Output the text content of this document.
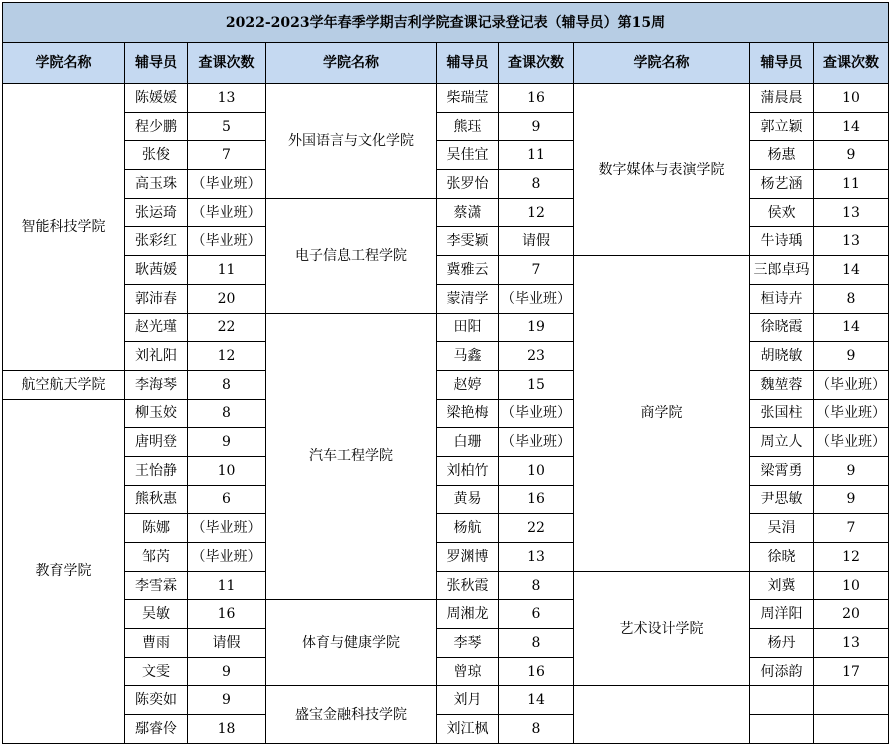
2022-2023学年春季学期吉利学院查课记录登记表（辅导员）第15周								
学院名称	辅导员	查课次数	学院名称	辅导员	查课次数	学院名称	辅导员	查课次数
智能科技学院	陈媛媛	13	外国语言与文化学院	柴瑞莹	16	数字媒体与表演学院	蒲晨晨	10
	程少鹏	5		熊珏	9		郭立颖	14
	张俊	7		吴佳宜	11		杨惠	9
	高玉珠	（毕业班）		张罗怡	8		杨艺涵	11
	张运琦	（毕业班）	电子信息工程学院	蔡潇	12		侯欢	13
	张彩红	（毕业班）		李雯颖	请假		牛诗瑀	13
	耿茜媛	11		冀雅云	7	商学院	三郎卓玛	14
	郭沛春	20		蒙清学	（毕业班）		桓诗卉	8
	赵光瑾	22	汽车工程学院	田阳	19		徐晓霞	14
	刘礼阳	12		马鑫	23		胡晓敏	9
航空航天学院	李海琴	8		赵婷	15		魏堃蓉	（毕业班）
教育学院	柳玉姣	8		梁艳梅	（毕业班）		张国柱	（毕业班）
	唐明登	9		白珊	（毕业班）		周立人	（毕业班）
	王怡静	10		刘柏竹	10		梁霄勇	9
	熊秋惠	6		黄易	16		尹思敏	9
	陈娜	（毕业班）		杨航	22		吴涓	7
	邹芮	（毕业班）		罗渊博	13		徐晓	12
	李雪霖	11		张秋霞	8	艺术设计学院	刘冀	10
	吴敏	16	体育与健康学院	周湘龙	6		周洋阳	20
	曹雨	请假		李琴	8		杨丹	13
	文雯	9		曾琼	16		何添韵	17
	陈奕如	9	盛宝金融科技学院	刘月	14			
	鄢睿伶	18		刘江枫	8			
